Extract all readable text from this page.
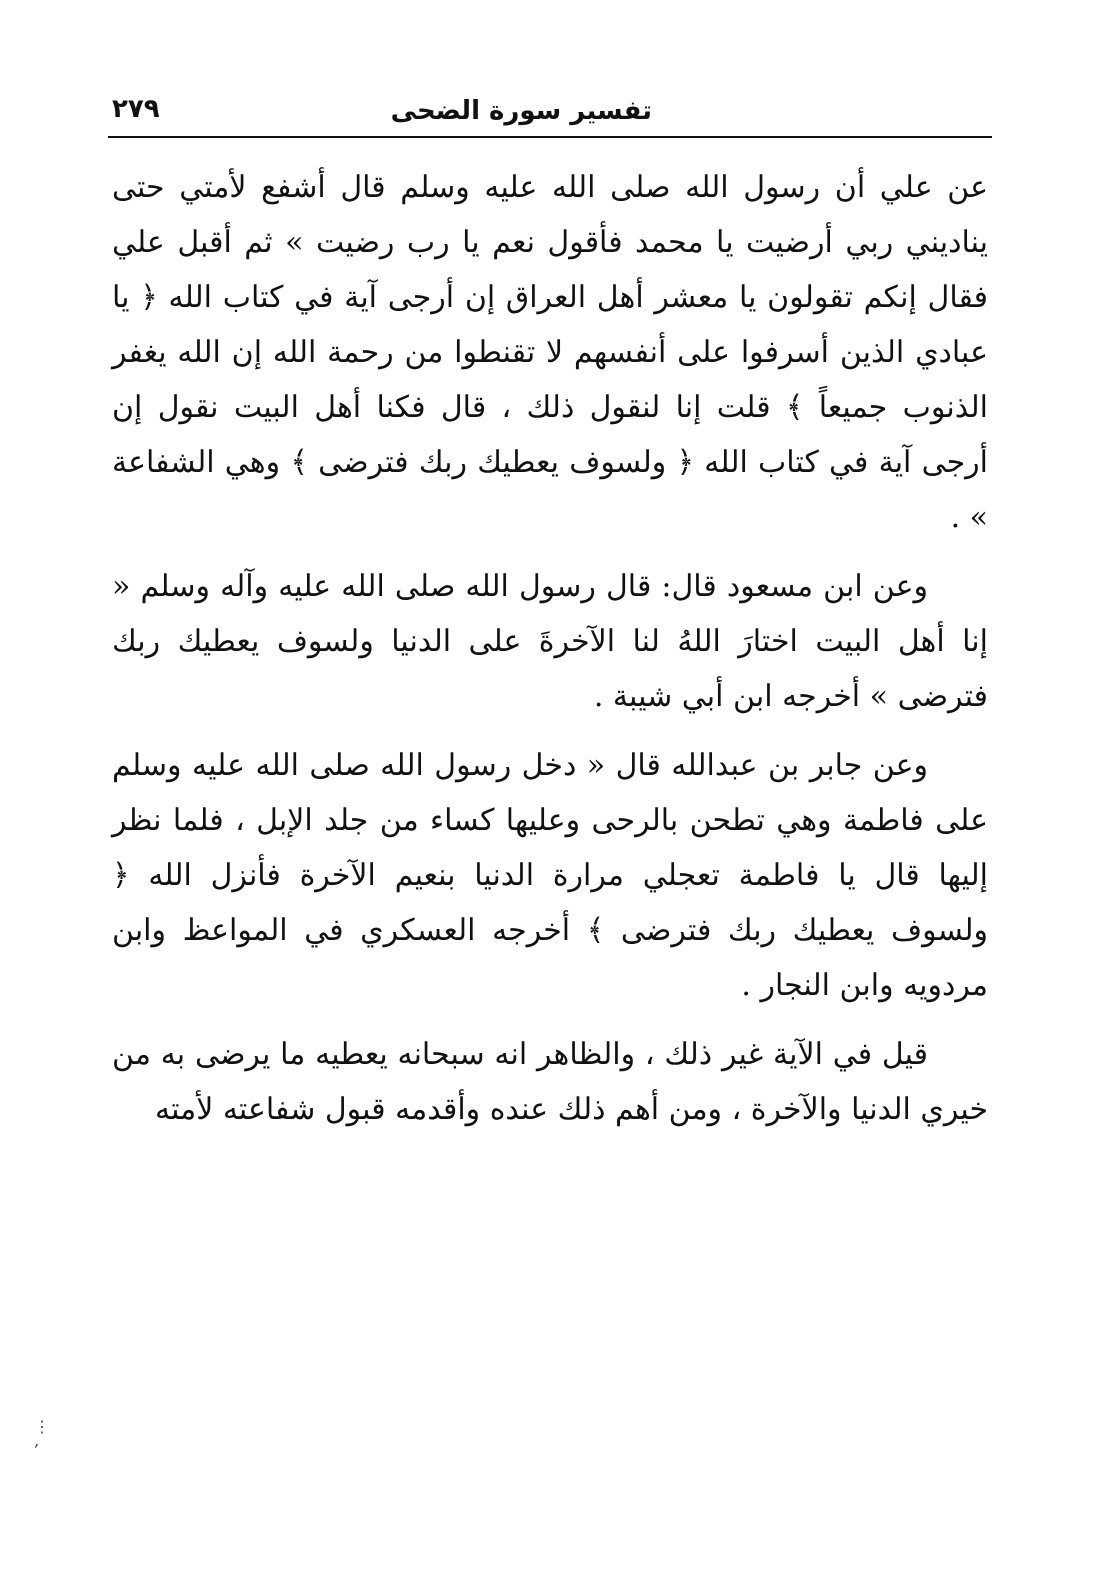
تفسير سورة الضحى
٢٧٩

عن علي أن رسول الله صلى الله عليه وسلم قال أشفع لأمتي حتى يناديني ربي أرضيت يا محمد فأقول نعم يا رب رضيت » ثم أقبل علي فقال إنكم تقولون يا معشر أهل العراق إن أرجى آية في كتاب الله ﴿ يا عبادي الذين أسرفوا على أنفسهم لا تقنطوا من رحمة الله إن الله يغفر الذنوب جميعاً ﴾ قلت إنا لنقول ذلك ، قال فكنا أهل البيت نقول إن أرجى آية في كتاب الله ﴿ ولسوف يعطيك ربك فترضى ﴾ وهي الشفاعة » .

وعن ابن مسعود قال: قال رسول الله صلى الله عليه وآله وسلم « إنا أهل البيت اختارَ اللهُ لنا الآخرةَ على الدنيا ولسوف يعطيك ربك فترضى » أخرجه ابن أبي شيبة .

وعن جابر بن عبدالله قال « دخل رسول الله صلى الله عليه وسلم على فاطمة وهي تطحن بالرحى وعليها كساء من جلد الإبل ، فلما نظر إليها قال يا فاطمة تعجلي مرارة الدنيا بنعيم الآخرة فأنزل الله ﴿ ولسوف يعطيك ربك فترضى ﴾ أخرجه العسكري في المواعظ وابن مردويه وابن النجار .

قيل في الآية غير ذلك ، والظاهر انه سبحانه يعطيه ما يرضى به من خيري الدنيا والآخرة ، ومن أهم ذلك عنده وأقدمه قبول شفاعته لأمته

⋮
‚
